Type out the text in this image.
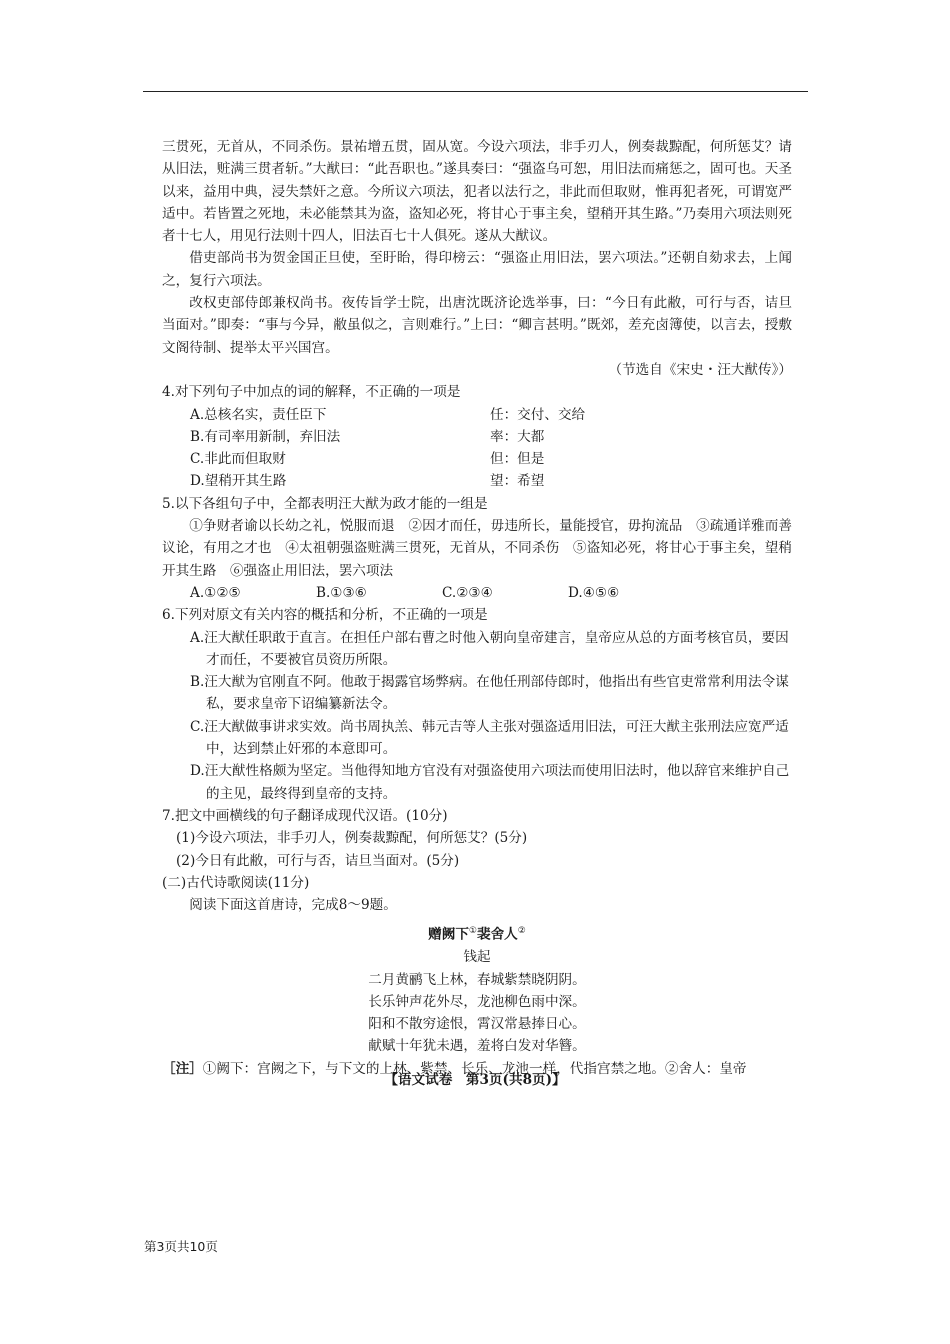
三贯死，无首从，不同杀伤。景祐增五贯，固从宽。今设六项法，非手刃人，例奏裁黥配，何所惩艾？请从旧法，赃满三贯者斩。”大猷曰：“此吾职也。”遂具奏曰：“强盗乌可恕，用旧法而痛惩之，固可也。天圣以来，益用中典，浸失禁奸之意。今所议六项法，犯者以法行之，非此而但取财，惟再犯者死，可谓宽严适中。若皆置之死地，未必能禁其为盗，盗知必死，将甘心于事主矣，望稍开其生路。”乃奏用六项法则死者十七人，用见行法则十四人，旧法百七十人俱死。遂从大猷议。

借吏部尚书为贺金国正旦使，至盱眙，得印榜云：“强盗止用旧法，罢六项法。”还朝自劾求去，上闻之，复行六项法。

改权吏部侍郎兼权尚书。夜传旨学士院，出唐沈既济论选举事，曰：“今日有此敝，可行与否，诘旦当面对。”即奏：“事与今异，敝虽似之，言则难行。”上曰：“卿言甚明。”既郊，差充卤簿使，以言去，授敷文阁待制、提举太平兴国宫。

（节选自《宋史・汪大猷传》）

4.对下列句子中加点的词的解释，不正确的一项是

A.总核名实，责任臣下	任：交付、交给
B.有司率用新制，弃旧法	率：大都
C.非此而但取财	但：但是
D.望稍开其生路	望：希望

5.以下各组句子中，全都表明汪大猷为政才能的一组是

①争财者谕以长幼之礼，悦服而退　②因才而任，毋违所长，量能授官，毋拘流品　③疏通详雅而善议论，有用之才也　④太祖朝强盗赃满三贯死，无首从，不同杀伤　⑤盗知必死，将甘心于事主矣，望稍开其生路　⑥强盗止用旧法，罢六项法

A.①②⑤	B.①③⑥	C.②③④	D.④⑤⑥

6.下列对原文有关内容的概括和分析，不正确的一项是

A.汪大猷任职敢于直言。在担任户部右曹之时他入朝向皇帝建言，皇帝应从总的方面考核官员，要因才而任，不要被官员资历所限。
B.汪大猷为官刚直不阿。他敢于揭露官场弊病。在他任刑部侍郎时，他指出有些官吏常常利用法令谋私，要求皇帝下诏编纂新法令。
C.汪大猷做事讲求实效。尚书周执羔、韩元吉等人主张对强盗适用旧法，可汪大猷主张刑法应宽严适中，达到禁止奸邪的本意即可。
D.汪大猷性格颇为坚定。当他得知地方官没有对强盗使用六项法而使用旧法时，他以辞官来维护自己的主见，最终得到皇帝的支持。

7.把文中画横线的句子翻译成现代汉语。(10分)

(1)今设六项法，非手刃人，例奏裁黥配，何所惩艾？(5分)

(2)今日有此敝，可行与否，诘旦当面对。(5分)

(二)古代诗歌阅读(11分)

阅读下面这首唐诗，完成8～9题。

赠阙下①裴舍人②

钱起

二月黄鹂飞上林，春城紫禁晓阴阴。

长乐钟声花外尽，龙池柳色雨中深。

阳和不散穷途恨，霄汉常悬捧日心。

献赋十年犹未遇，羞将白发对华簪。

［注］①阙下：宫阙之下，与下文的上林、紫禁、长乐、龙池一样，代指宫禁之地。②舍人：皇帝

【语文试卷　第3页(共8页)】
第3页共10页
